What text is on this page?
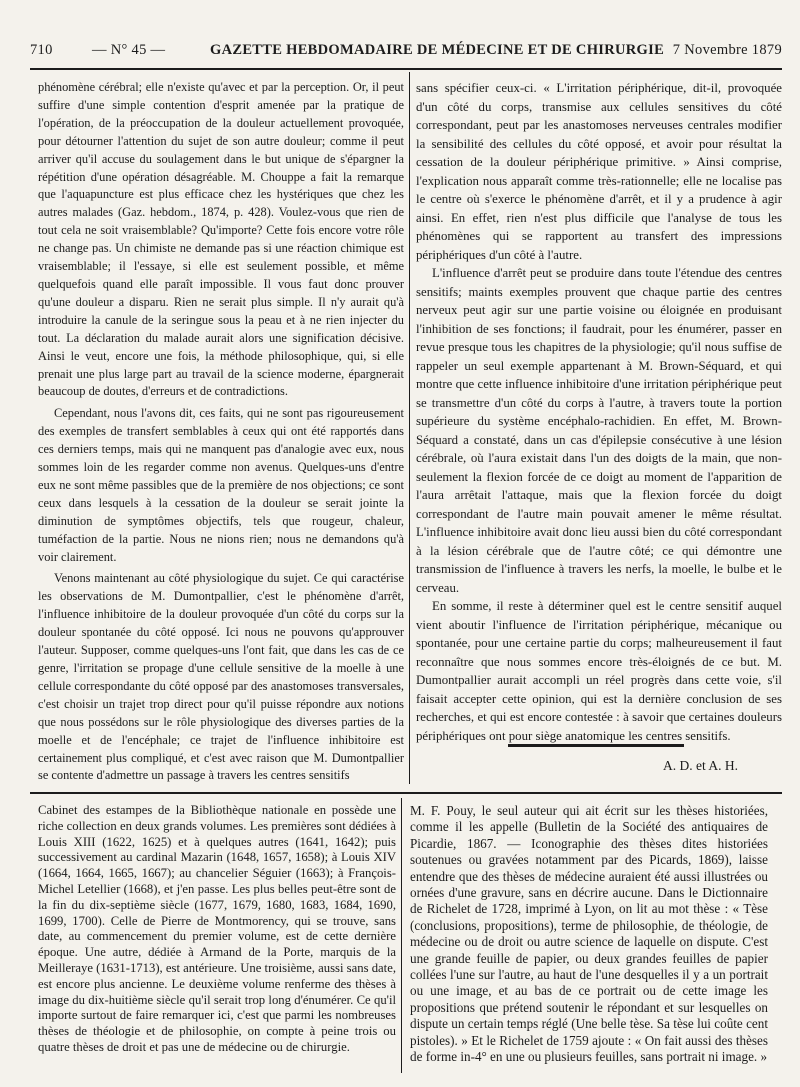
710	— N° 45 —	GAZETTE HEBDOMADAIRE DE MÉDECINE ET DE CHIRURGIE 7 Novembre 1879

phénomène cérébral; elle n'existe qu'avec et par la perception. Or, il peut suffire d'une simple contention d'esprit amenée par la pratique de l'opération, de la préoccupation de la douleur actuellement provoquée, pour détourner l'attention du sujet de son autre douleur; comme il peut arriver qu'il accuse du soulagement dans le but unique de s'épargner la répétition d'une opération désagréable. M. Chouppe a fait la remarque que l'aquapuncture est plus efficace chez les hystériques que chez les autres malades (Gaz. hebdom., 1874, p. 428). Voulez-vous que rien de tout cela ne soit vraisemblable? Qu'importe? Cette fois encore votre rôle ne change pas. Un chimiste ne demande pas si une réaction chimique est vraisemblable; il l'essaye, si elle est seulement possible, et même quelquefois quand elle paraît impossible. Il vous faut donc prouver qu'une douleur a disparu. Rien ne serait plus simple. Il n'y aurait qu'à introduire la canule de la seringue sous la peau et à ne rien injecter du tout. La déclaration du malade aurait alors une signification décisive. Ainsi le veut, encore une fois, la méthode philosophique, qui, si elle prenait une plus large part au travail de la science moderne, épargnerait beaucoup de doutes, d'erreurs et de contradictions.

Cependant, nous l'avons dit, ces faits, qui ne sont pas rigoureusement des exemples de transfert semblables à ceux qui ont été rapportés dans ces derniers temps, mais qui ne manquent pas d'analogie avec eux, nous sommes loin de les regarder comme non avenus. Quelques-uns d'entre eux ne sont même passibles que de la première de nos objections; ce sont ceux dans lesquels à la cessation de la douleur se serait jointe la diminution de symptômes objectifs, tels que rougeur, chaleur, tuméfaction de la partie. Nous ne nions rien; nous ne demandons qu'à voir clairement.

Venons maintenant au côté physiologique du sujet. Ce qui caractérise les observations de M. Dumontpallier, c'est le phénomène d'arrêt, l'influence inhibitoire de la douleur provoquée d'un côté du corps sur la douleur spontanée du côté opposé. Ici nous ne pouvons qu'approuver l'auteur. Supposer, comme quelques-uns l'ont fait, que dans les cas de ce genre, l'irritation se propage d'une cellule sensitive de la moelle à une cellule correspondante du côté opposé par des anastomoses transversales, c'est choisir un trajet trop direct pour qu'il puisse répondre aux notions que nous possédons sur le rôle physiologique des diverses parties de la moelle et de l'encéphale; ce trajet de l'influence inhibitoire est certainement plus compliqué, et c'est avec raison que M. Dumontpallier se contente d'admettre un passage à travers les centres sensitifs

sans spécifier ceux-ci. « L'irritation périphérique, dit-il, provoquée d'un côté du corps, transmise aux cellules sensitives du côté correspondant, peut par les anastomoses nerveuses centrales modifier la sensibilité des cellules du côté opposé, et avoir pour résultat la cessation de la douleur périphérique primitive. » Ainsi comprise, l'explication nous apparaît comme très-rationnelle; elle ne localise pas le centre où s'exerce le phénomène d'arrêt, et il y a prudence à agir ainsi. En effet, rien n'est plus difficile que l'analyse de tous les phénomènes qui se rapportent au transfert des impressions périphériques d'un côté à l'autre.

L'influence d'arrêt peut se produire dans toute l'étendue des centres sensitifs; maints exemples prouvent que chaque partie des centres nerveux peut agir sur une partie voisine ou éloignée en produisant l'inhibition de ses fonctions; il faudrait, pour les énumérer, passer en revue presque tous les chapitres de la physiologie; qu'il nous suffise de rappeler un seul exemple appartenant à M. Brown-Séquard, et qui montre que cette influence inhibitoire d'une irritation périphérique peut se transmettre d'un côté du corps à l'autre, à travers toute la portion supérieure du système encéphalo-rachidien. En effet, M. Brown-Séquard a constaté, dans un cas d'épilepsie consécutive à une lésion cérébrale, où l'aura existait dans l'un des doigts de la main, que non-seulement la flexion forcée de ce doigt au moment de l'apparition de l'aura arrêtait l'attaque, mais que la flexion forcée du doigt correspondant de l'autre main pouvait amener le même résultat. L'influence inhibitoire avait donc lieu aussi bien du côté correspondant à la lésion cérébrale que de l'autre côté; ce qui démontre une transmission de l'influence à travers les nerfs, la moelle, le bulbe et le cerveau.

En somme, il reste à déterminer quel est le centre sensitif auquel vient aboutir l'influence de l'irritation périphérique, mécanique ou spontanée, pour une certaine partie du corps; malheureusement il faut reconnaître que nous sommes encore très-éloignés de ce but. M. Dumontpallier aurait accompli un réel progrès dans cette voie, s'il faisait accepter cette opinion, qui est la dernière conclusion de ses recherches, et qui est encore contestée : à savoir que certaines douleurs périphériques ont pour siège anatomique les centres sensitifs.

A. D. et A. H.

Cabinet des estampes de la Bibliothèque nationale en possède une riche collection en deux grands volumes. Les premières sont dédiées à Louis XIII (1622, 1625) et à quelques autres (1641, 1642); puis successivement au cardinal Mazarin (1648, 1657, 1658); à Louis XIV (1664, 1664, 1665, 1667); au chancelier Séguier (1663); à François-Michel Letellier (1668), et j'en passe. Les plus belles peut-être sont de la fin du dix-septième siècle (1677, 1679, 1680, 1683, 1684, 1690, 1699, 1700). Celle de Pierre de Montmorency, qui se trouve, sans date, au commencement du premier volume, est de cette dernière époque. Une autre, dédiée à Armand de la Porte, marquis de la Meilleraye (1631-1713), est antérieure. Une troisième, aussi sans date, est encore plus ancienne. Le deuxième volume renferme des thèses à image du dix-huitième siècle qu'il serait trop long d'énumérer. Ce qu'il importe surtout de faire remarquer ici, c'est que parmi les nombreuses thèses de théologie et de philosophie, on compte à peine trois ou quatre thèses de droit et pas une de médecine ou de chirurgie.

M. F. Pouy, le seul auteur qui ait écrit sur les thèses historiées, comme il les appelle (Bulletin de la Société des antiquaires de Picardie, 1867. — Iconographie des thèses dites historiées soutenues ou gravées notamment par des Picards, 1869), laisse entendre que des thèses de médecine auraient été aussi illustrées ou ornées d'une gravure, sans en décrire aucune. Dans le Dictionnaire de Richelet de 1728, imprimé à Lyon, on lit au mot thèse : « Tèse (conclusions, propositions), terme de philosophie, de théologie, de médecine ou de droit ou autre science de laquelle on dispute. C'est une grande feuille de papier, ou deux grandes feuilles de papier collées l'une sur l'autre, au haut de l'une desquelles il y a un portrait ou une image, et au bas de ce portrait ou de cette image les propositions que prétend soutenir le répondant et sur lesquelles on dispute un certain temps réglé (Une belle tèse. Sa tèse lui coûte cent pistoles). » Et le Richelet de 1759 ajoute : « On fait aussi des thèses de forme in-4° en une ou plusieurs feuilles, sans portrait ni image. »
